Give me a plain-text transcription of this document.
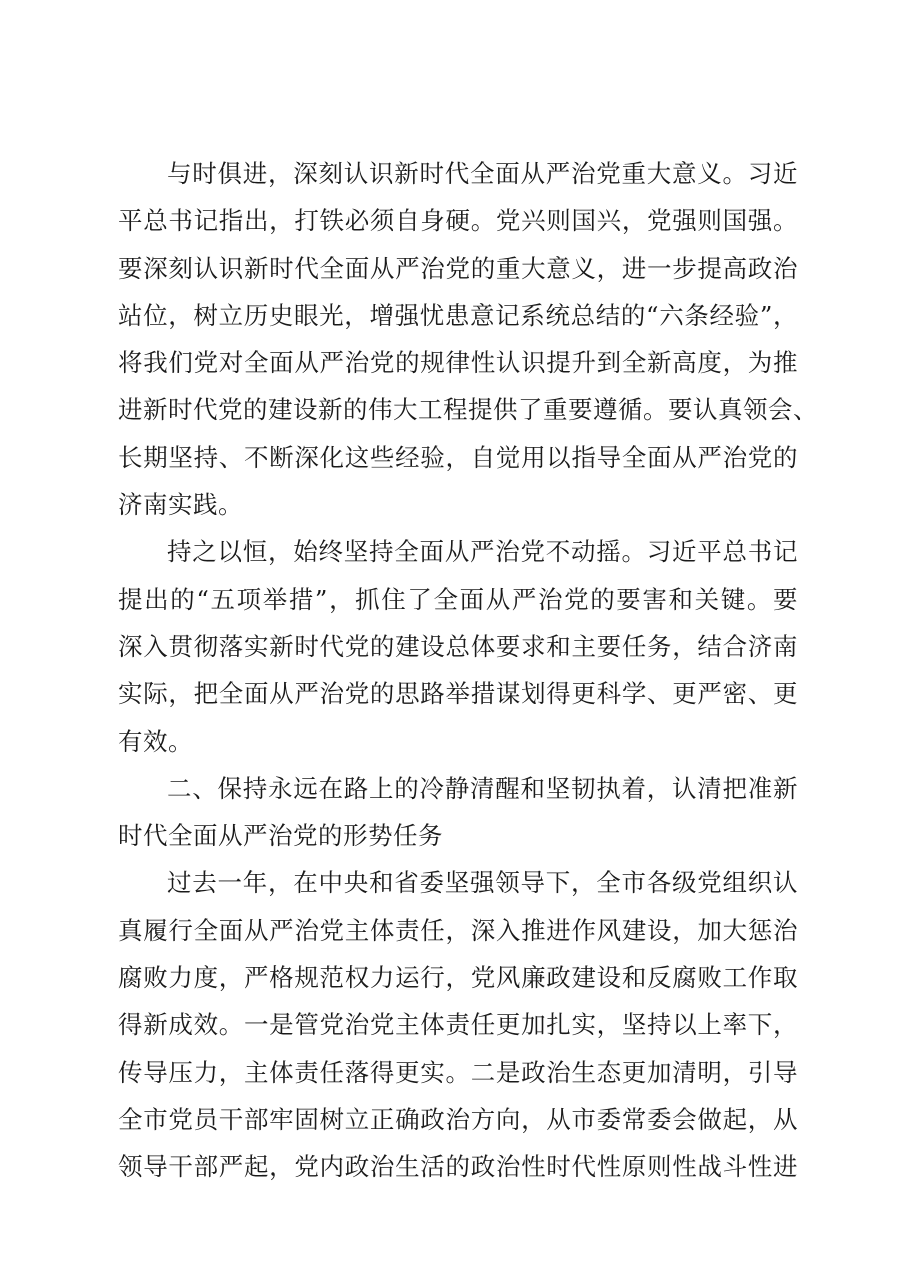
与时俱进，深刻认识新时代全面从严治党重大意义。习近
平总书记指出，打铁必须自身硬。党兴则国兴，党强则国强。
要深刻认识新时代全面从严治党的重大意义，进一步提高政治
站位，树立历史眼光，增强忧患意记系统总结的“六条经验”，
将我们党对全面从严治党的规律性认识提升到全新高度，为推
进新时代党的建设新的伟大工程提供了重要遵循。要认真领会、
长期坚持、不断深化这些经验，自觉用以指导全面从严治党的
济南实践。
持之以恒，始终坚持全面从严治党不动摇。习近平总书记
提出的“五项举措”，抓住了全面从严治党的要害和关键。要
深入贯彻落实新时代党的建设总体要求和主要任务，结合济南
实际，把全面从严治党的思路举措谋划得更科学、更严密、更
有效。
二、保持永远在路上的冷静清醒和坚韧执着，认清把准新
时代全面从严治党的形势任务
过去一年，在中央和省委坚强领导下，全市各级党组织认
真履行全面从严治党主体责任，深入推进作风建设，加大惩治
腐败力度，严格规范权力运行，党风廉政建设和反腐败工作取
得新成效。一是管党治党主体责任更加扎实，坚持以上率下，
传导压力，主体责任落得更实。二是政治生态更加清明，引导
全市党员干部牢固树立正确政治方向，从市委常委会做起，从
领导干部严起，党内政治生活的政治性时代性原则性战斗性进
